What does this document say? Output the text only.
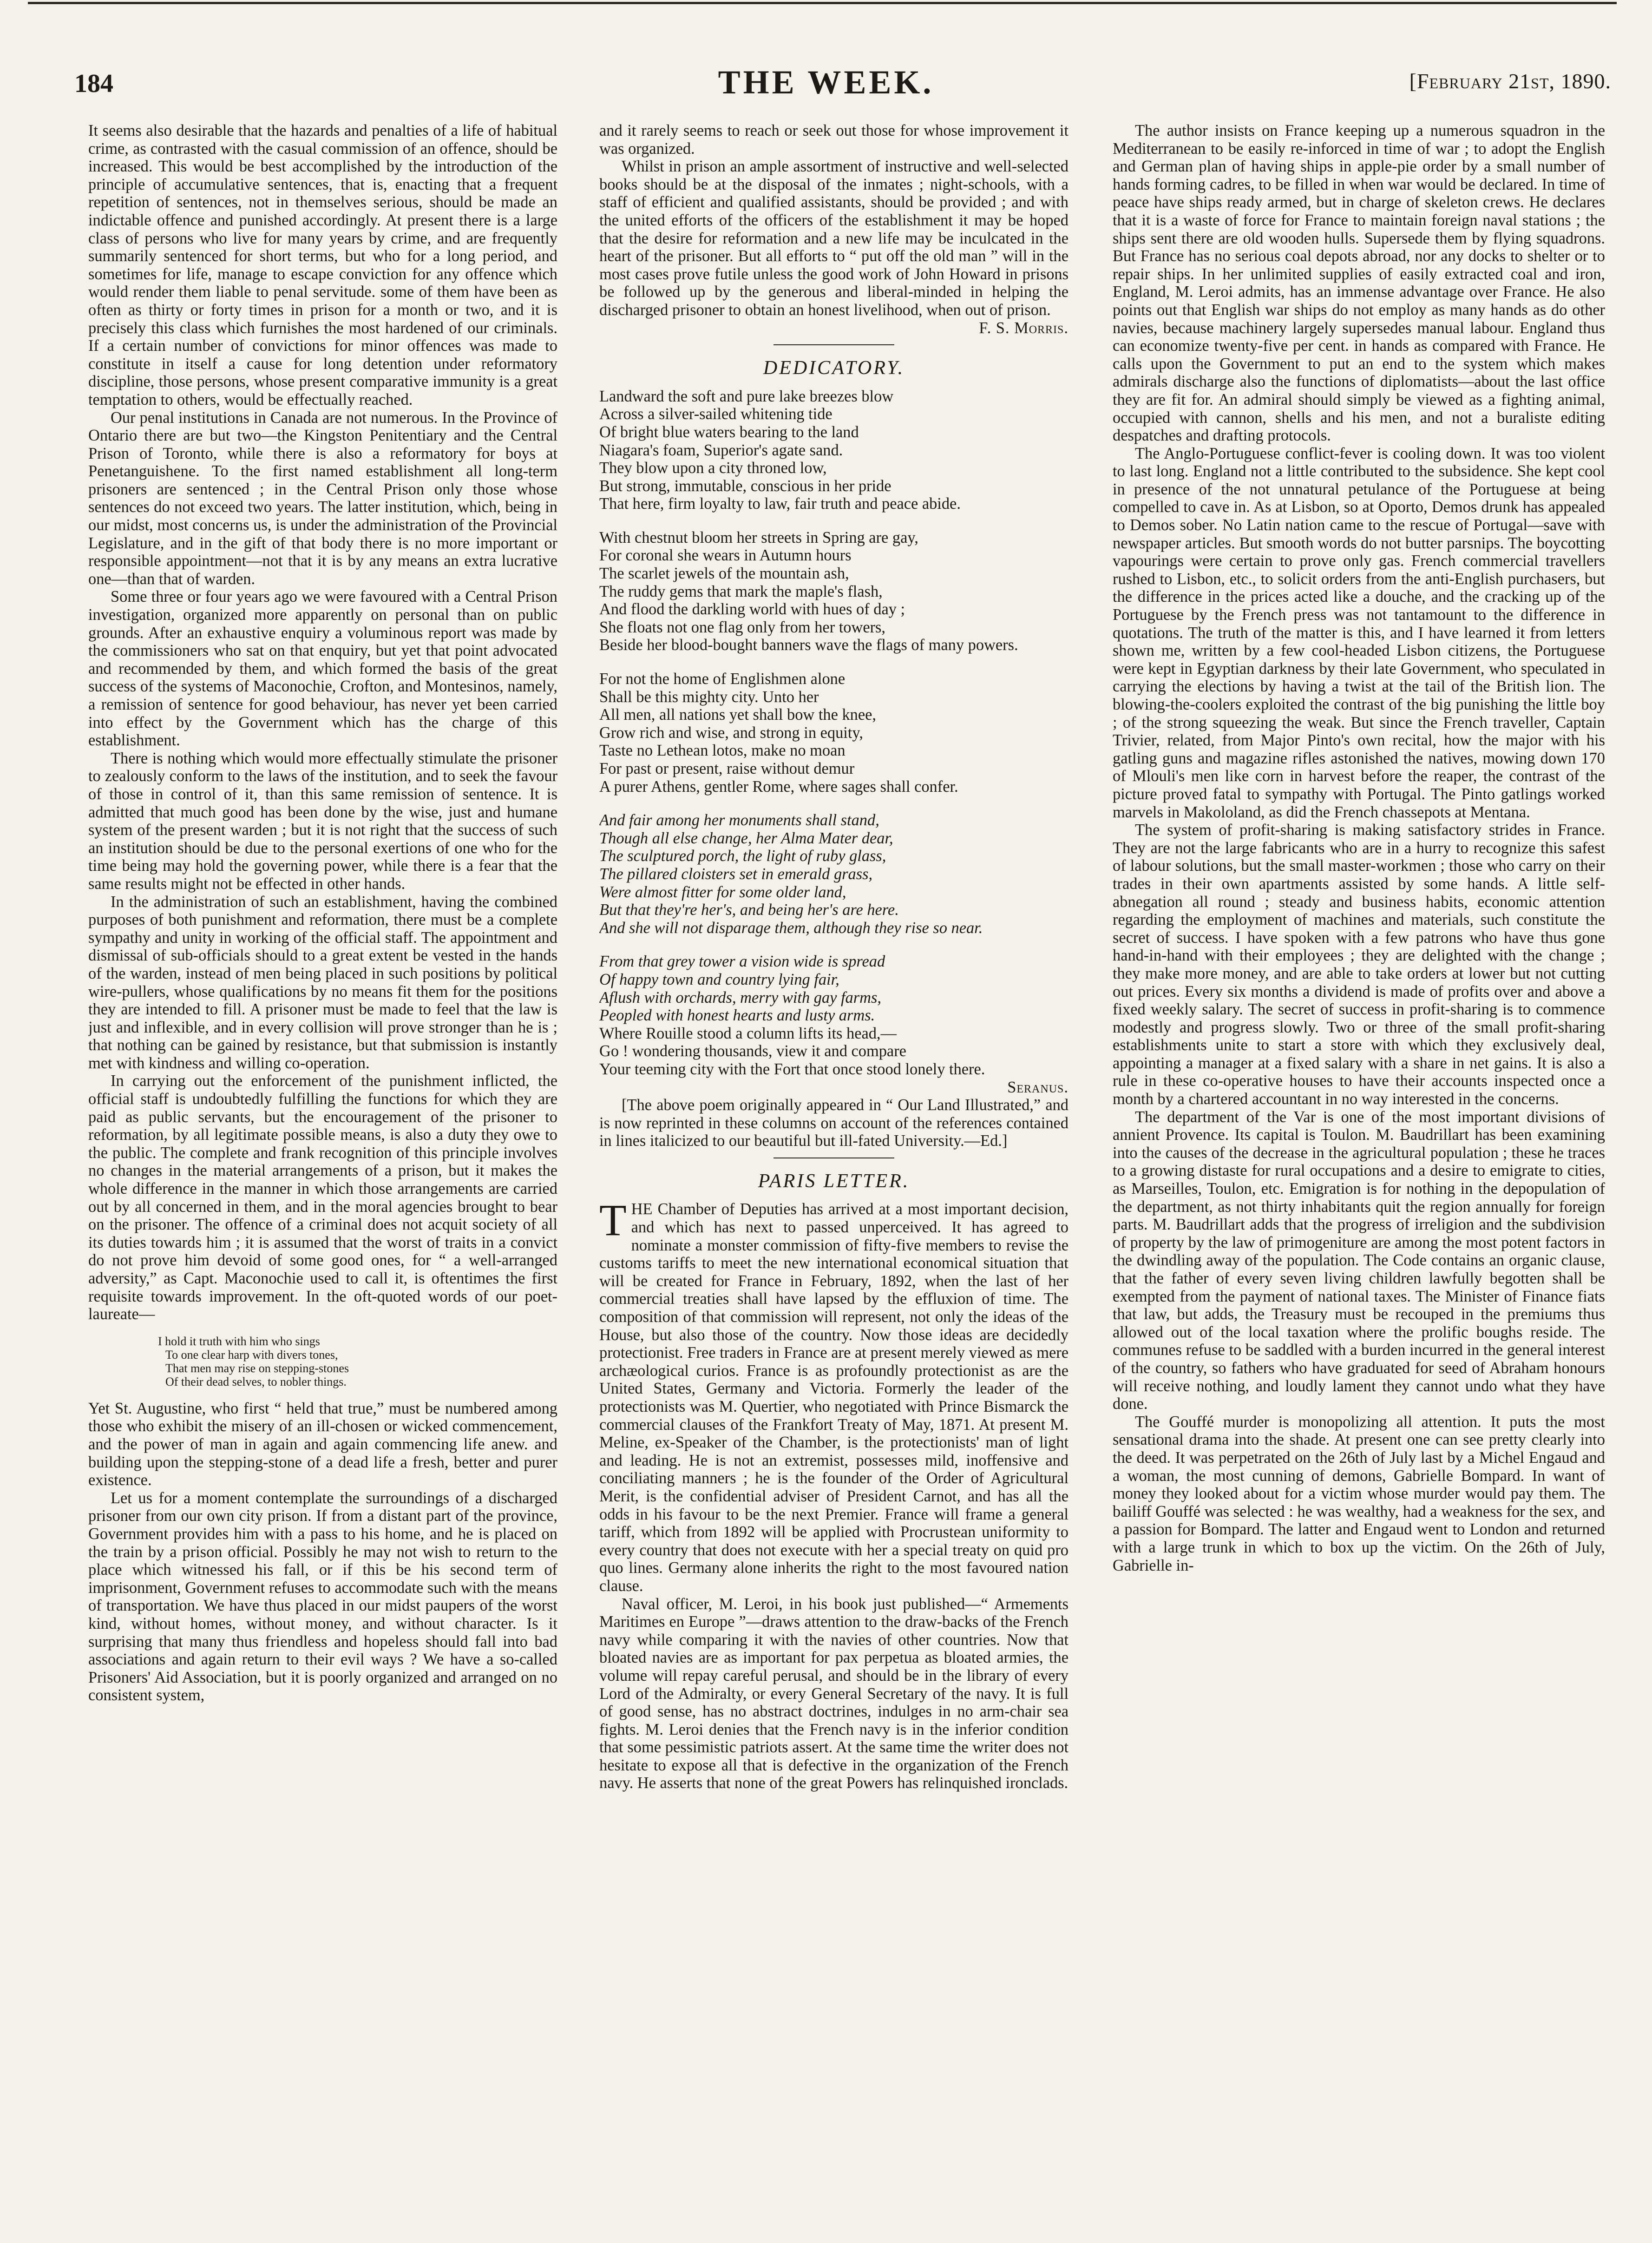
184	THE WEEK.	[February 21st, 1890.

It seems also desirable that the hazards and penalties of a life of habitual crime, as contrasted with the casual commission of an offence, should be increased. This would be best accomplished by the introduction of the principle of accumulative sentences, that is, enacting that a frequent repetition of sentences, not in themselves serious, should be made an indictable offence and punished accordingly. At present there is a large class of persons who live for many years by crime, and are frequently summarily sentenced for short terms, but who for a long period, and sometimes for life, manage to escape conviction for any offence which would render them liable to penal servitude. some of them have been as often as thirty or forty times in prison for a month or two, and it is precisely this class which furnishes the most hardened of our criminals. If a certain number of convictions for minor offences was made to constitute in itself a cause for long detention under reformatory discipline, those persons, whose present comparative immunity is a great temptation to others, would be effectually reached.

Our penal institutions in Canada are not numerous. In the Province of Ontario there are but two—the Kingston Penitentiary and the Central Prison of Toronto, while there is also a reformatory for boys at Penetanguishene. To the first named establishment all long-term prisoners are sentenced ; in the Central Prison only those whose sentences do not exceed two years. The latter institution, which, being in our midst, most concerns us, is under the administration of the Provincial Legislature, and in the gift of that body there is no more important or responsible appointment—not that it is by any means an extra lucrative one—than that of warden.

Some three or four years ago we were favoured with a Central Prison investigation, organized more apparently on personal than on public grounds. After an exhaustive enquiry a voluminous report was made by the commissioners who sat on that enquiry, but yet that point advocated and recommended by them, and which formed the basis of the great success of the systems of Maconochie, Crofton, and Montesinos, namely, a remission of sentence for good behaviour, has never yet been carried into effect by the Government which has the charge of this establishment.

There is nothing which would more effectually stimulate the prisoner to zealously conform to the laws of the institution, and to seek the favour of those in control of it, than this same remission of sentence. It is admitted that much good has been done by the wise, just and humane system of the present warden ; but it is not right that the success of such an institution should be due to the personal exertions of one who for the time being may hold the governing power, while there is a fear that the same results might not be effected in other hands.

In the administration of such an establishment, having the combined purposes of both punishment and reformation, there must be a complete sympathy and unity in working of the official staff. The appointment and dismissal of sub-officials should to a great extent be vested in the hands of the warden, instead of men being placed in such positions by political wire-pullers, whose qualifications by no means fit them for the positions they are intended to fill. A prisoner must be made to feel that the law is just and inflexible, and in every collision will prove stronger than he is ; that nothing can be gained by resistance, but that submission is instantly met with kindness and willing co-operation.

In carrying out the enforcement of the punishment inflicted, the official staff is undoubtedly fulfilling the functions for which they are paid as public servants, but the encouragement of the prisoner to reformation, by all legitimate possible means, is also a duty they owe to the public. The complete and frank recognition of this principle involves no changes in the material arrangements of a prison, but it makes the whole difference in the manner in which those arrangements are carried out by all concerned in them, and in the moral agencies brought to bear on the prisoner. The offence of a criminal does not acquit society of all its duties towards him ; it is assumed that the worst of traits in a convict do not prove him devoid of some good ones, for “ a well-arranged adversity,” as Capt. Maconochie used to call it, is oftentimes the first requisite towards improvement. In the oft-quoted words of our poet-laureate—

I hold it truth with him who sings
To one clear harp with divers tones,
That men may rise on stepping-stones
Of their dead selves, to nobler things.

Yet St. Augustine, who first “ held that true,” must be numbered among those who exhibit the misery of an ill-chosen or wicked commencement, and the power of man in again and again commencing life anew. and building upon the stepping-stone of a dead life a fresh, better and purer existence.

Let us for a moment contemplate the surroundings of a discharged prisoner from our own city prison. If from a distant part of the province, Government provides him with a pass to his home, and he is placed on the train by a prison official. Possibly he may not wish to return to the place which witnessed his fall, or if this be his second term of imprisonment, Government refuses to accommodate such with the means of transportation. We have thus placed in our midst paupers of the worst kind, without homes, without money, and without character. Is it surprising that many thus friendless and hopeless should fall into bad associations and again return to their evil ways ? We have a so-called Prisoners' Aid Association, but it is poorly organized and arranged on no consistent system,

and it rarely seems to reach or seek out those for whose improvement it was organized.

Whilst in prison an ample assortment of instructive and well-selected books should be at the disposal of the inmates ; night-schools, with a staff of efficient and qualified assistants, should be provided ; and with the united efforts of the officers of the establishment it may be hoped that the desire for reformation and a new life may be inculcated in the heart of the prisoner. But all efforts to “ put off the old man ” will in the most cases prove futile unless the good work of John Howard in prisons be followed up by the generous and liberal-minded in helping the discharged prisoner to obtain an honest livelihood, when out of prison.

F. S. Morris.
DEDICATORY.
Landward the soft and pure lake breezes blow
Across a silver-sailed whitening tide
Of bright blue waters bearing to the land
Niagara's foam, Superior's agate sand.
They blow upon a city throned low,
But strong, immutable, conscious in her pride
That here, firm loyalty to law, fair truth and peace abide.
With chestnut bloom her streets in Spring are gay,
For coronal she wears in Autumn hours
The scarlet jewels of the mountain ash,
The ruddy gems that mark the maple's flash,
And flood the darkling world with hues of day ;
She floats not one flag only from her towers,
Beside her blood-bought banners wave the flags of many powers.
For not the home of Englishmen alone
Shall be this mighty city. Unto her
All men, all nations yet shall bow the knee,
Grow rich and wise, and strong in equity,
Taste no Lethean lotos, make no moan
For past or present, raise without demur
A purer Athens, gentler Rome, where sages shall confer.
And fair among her monuments shall stand,
Though all else change, her Alma Mater dear,
The sculptured porch, the light of ruby glass,
The pillared cloisters set in emerald grass,
Were almost fitter for some older land,
But that they're her's, and being her's are here.
And she will not disparage them, although they rise so near.
From that grey tower a vision wide is spread
Of happy town and country lying fair,
Aflush with orchards, merry with gay farms,
Peopled with honest hearts and lusty arms.
Where Rouille stood a column lifts its head,—
Go ! wondering thousands, view it and compare
Your teeming city with the Fort that once stood lonely there.
Seranus.

[The above poem originally appeared in “ Our Land Illustrated,” and is now reprinted in these columns on account of the references contained in lines italicized to our beautiful but ill-fated University.—Ed.]

PARIS LETTER.

THE Chamber of Deputies has arrived at a most important decision, and which has next to passed unperceived. It has agreed to nominate a monster commission of fifty-five members to revise the customs tariffs to meet the new international economical situation that will be created for France in February, 1892, when the last of her commercial treaties shall have lapsed by the effluxion of time. The composition of that commission will represent, not only the ideas of the House, but also those of the country. Now those ideas are decidedly protectionist. Free traders in France are at present merely viewed as mere archæological curios. France is as profoundly protectionist as are the United States, Germany and Victoria. Formerly the leader of the protectionists was M. Quertier, who negotiated with Prince Bismarck the commercial clauses of the Frankfort Treaty of May, 1871. At present M. Meline, ex-Speaker of the Chamber, is the protectionists' man of light and leading. He is not an extremist, possesses mild, inoffensive and conciliating manners ; he is the founder of the Order of Agricultural Merit, is the confidential adviser of President Carnot, and has all the odds in his favour to be the next Premier. France will frame a general tariff, which from 1892 will be applied with Procrustean uniformity to every country that does not execute with her a special treaty on quid pro quo lines. Germany alone inherits the right to the most favoured nation clause.

Naval officer, M. Leroi, in his book just published—“ Armements Maritimes en Europe ”—draws attention to the draw-backs of the French navy while comparing it with the navies of other countries. Now that bloated navies are as important for pax perpetua as bloated armies, the volume will repay careful perusal, and should be in the library of every Lord of the Admiralty, or every General Secretary of the navy. It is full of good sense, has no abstract doctrines, indulges in no arm-chair sea fights. M. Leroi denies that the French navy is in the inferior condition that some pessimistic patriots assert. At the same time the writer does not hesitate to expose all that is defective in the organization of the French navy. He asserts that none of the great Powers has relinquished ironclads.

The author insists on France keeping up a numerous squadron in the Mediterranean to be easily re-inforced in time of war ; to adopt the English and German plan of having ships in apple-pie order by a small number of hands forming cadres, to be filled in when war would be declared. In time of peace have ships ready armed, but in charge of skeleton crews. He declares that it is a waste of force for France to maintain foreign naval stations ; the ships sent there are old wooden hulls. Supersede them by flying squadrons. But France has no serious coal depots abroad, nor any docks to shelter or to repair ships. In her unlimited supplies of easily extracted coal and iron, England, M. Leroi admits, has an immense advantage over France. He also points out that English war ships do not employ as many hands as do other navies, because machinery largely supersedes manual labour. England thus can economize twenty-five per cent. in hands as compared with France. He calls upon the Government to put an end to the system which makes admirals discharge also the functions of diplomatists—about the last office they are fit for. An admiral should simply be viewed as a fighting animal, occupied with cannon, shells and his men, and not a buraliste editing despatches and drafting protocols.

The Anglo-Portuguese conflict-fever is cooling down. It was too violent to last long. England not a little contributed to the subsidence. She kept cool in presence of the not unnatural petulance of the Portuguese at being compelled to cave in. As at Lisbon, so at Oporto, Demos drunk has appealed to Demos sober. No Latin nation came to the rescue of Portugal—save with newspaper articles. But smooth words do not butter parsnips. The boycotting vapourings were certain to prove only gas. French commercial travellers rushed to Lisbon, etc., to solicit orders from the anti-English purchasers, but the difference in the prices acted like a douche, and the cracking up of the Portuguese by the French press was not tantamount to the difference in quotations. The truth of the matter is this, and I have learned it from letters shown me, written by a few cool-headed Lisbon citizens, the Portuguese were kept in Egyptian darkness by their late Government, who speculated in carrying the elections by having a twist at the tail of the British lion. The blowing-the-coolers exploited the contrast of the big punishing the little boy ; of the strong squeezing the weak. But since the French traveller, Captain Trivier, related, from Major Pinto's own recital, how the major with his gatling guns and magazine rifles astonished the natives, mowing down 170 of Mlouli's men like corn in harvest before the reaper, the contrast of the picture proved fatal to sympathy with Portugal. The Pinto gatlings worked marvels in Makololand, as did the French chassepots at Mentana.

The system of profit-sharing is making satisfactory strides in France. They are not the large fabricants who are in a hurry to recognize this safest of labour solutions, but the small master-workmen ; those who carry on their trades in their own apartments assisted by some hands. A little self-abnegation all round ; steady and business habits, economic attention regarding the employment of machines and materials, such constitute the secret of success. I have spoken with a few patrons who have thus gone hand-in-hand with their employees ; they are delighted with the change ; they make more money, and are able to take orders at lower but not cutting out prices. Every six months a dividend is made of profits over and above a fixed weekly salary. The secret of success in profit-sharing is to commence modestly and progress slowly. Two or three of the small profit-sharing establishments unite to start a store with which they exclusively deal, appointing a manager at a fixed salary with a share in net gains. It is also a rule in these co-operative houses to have their accounts inspected once a month by a chartered accountant in no way interested in the concerns.

The department of the Var is one of the most important divisions of annient Provence. Its capital is Toulon. M. Baudrillart has been examining into the causes of the decrease in the agricultural population ; these he traces to a growing distaste for rural occupations and a desire to emigrate to cities, as Marseilles, Toulon, etc. Emigration is for nothing in the depopulation of the department, as not thirty inhabitants quit the region annually for foreign parts. M. Baudrillart adds that the progress of irreligion and the subdivision of property by the law of primogeniture are among the most potent factors in the dwindling away of the population. The Code contains an organic clause, that the father of every seven living children lawfully begotten shall be exempted from the payment of national taxes. The Minister of Finance fiats that law, but adds, the Treasury must be recouped in the premiums thus allowed out of the local taxation where the prolific boughs reside. The communes refuse to be saddled with a burden incurred in the general interest of the country, so fathers who have graduated for seed of Abraham honours will receive nothing, and loudly lament they cannot undo what they have done.

The Gouffé murder is monopolizing all attention. It puts the most sensational drama into the shade. At present one can see pretty clearly into the deed. It was perpetrated on the 26th of July last by a Michel Engaud and a woman, the most cunning of demons, Gabrielle Bompard. In want of money they looked about for a victim whose murder would pay them. The bailiff Gouffé was selected : he was wealthy, had a weakness for the sex, and a passion for Bompard. The latter and Engaud went to London and returned with a large trunk in which to box up the victim. On the 26th of July, Gabrielle in-
